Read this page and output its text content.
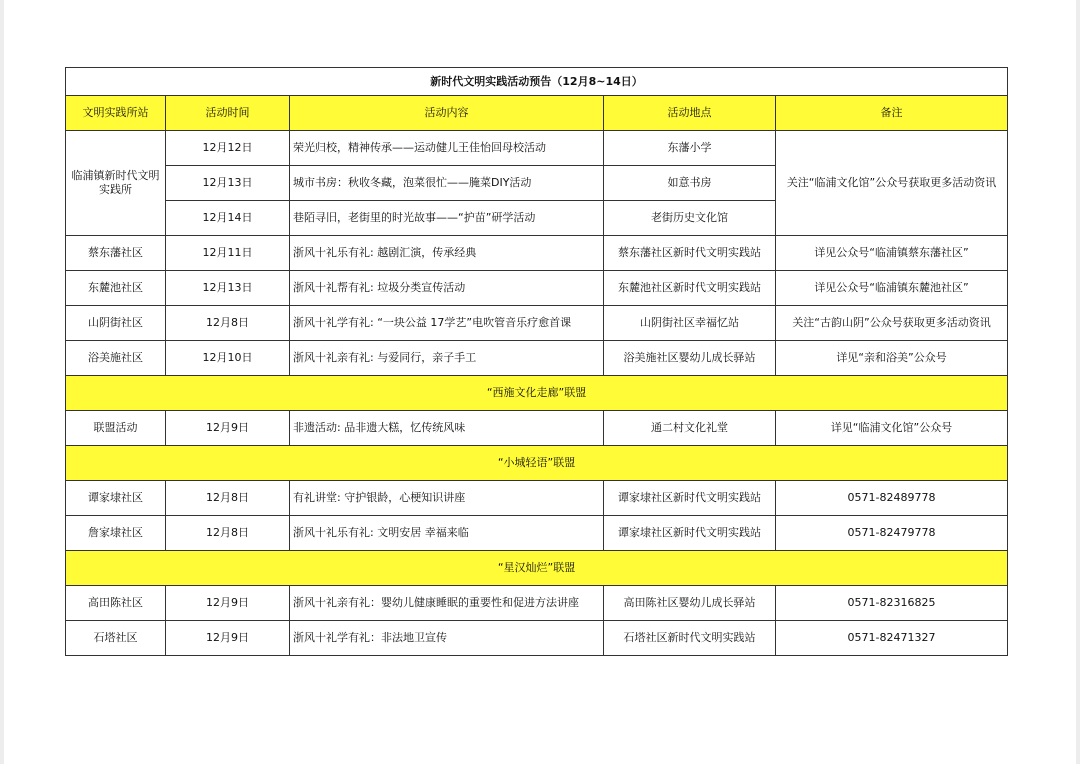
新时代文明实践活动预告（12月8~14日）				
文明实践所站	活动时间	活动内容	活动地点	备注
临浦镇新时代文明实践所	12月12日	荣光归校，精神传承——运动健儿王佳怡回母校活动	东藩小学	关注“临浦文化馆”公众号获取更多活动资讯
	12月13日	城市书房：秋收冬藏，泡菜很忙——腌菜DIY活动	如意书房	
	12月14日	巷陌寻旧，老街里的时光故事——“护苗”研学活动	老街历史文化馆	
蔡东藩社区	12月11日	浙风十礼乐有礼: 越剧汇演，传承经典	蔡东藩社区新时代文明实践站	详见公众号“临浦镇蔡东藩社区”
东麓池社区	12月13日	浙风十礼帮有礼: 垃圾分类宣传活动	东麓池社区新时代文明实践站	详见公众号“临浦镇东麓池社区”
山阴街社区	12月8日	浙风十礼学有礼: “一块公益 17学艺”电吹管音乐疗愈首课	山阴街社区幸福忆站	关注“古韵山阴”公众号获取更多活动资讯
浴美施社区	12月10日	浙风十礼亲有礼: 与爱同行，亲子手工	浴美施社区婴幼儿成长驿站	详见“亲和浴美”公众号
“西施文化走廊”联盟				
联盟活动	12月9日	非遗活动: 品非遗大糕，忆传统风味	通二村文化礼堂	详见“临浦文化馆”公众号
“小城轻语”联盟				
谭家埭社区	12月8日	有礼讲堂: 守护银龄，心梗知识讲座	谭家埭社区新时代文明实践站	0571-82489778
詹家埭社区	12月8日	浙风十礼乐有礼: 文明安居 幸福来临	谭家埭社区新时代文明实践站	0571-82479778
“星汉灿烂”联盟				
高田陈社区	12月9日	浙风十礼亲有礼：婴幼儿健康睡眠的重要性和促进方法讲座	高田陈社区婴幼儿成长驿站	0571-82316825
石塔社区	12月9日	浙风十礼学有礼：非法地卫宣传	石塔社区新时代文明实践站	0571-82471327
